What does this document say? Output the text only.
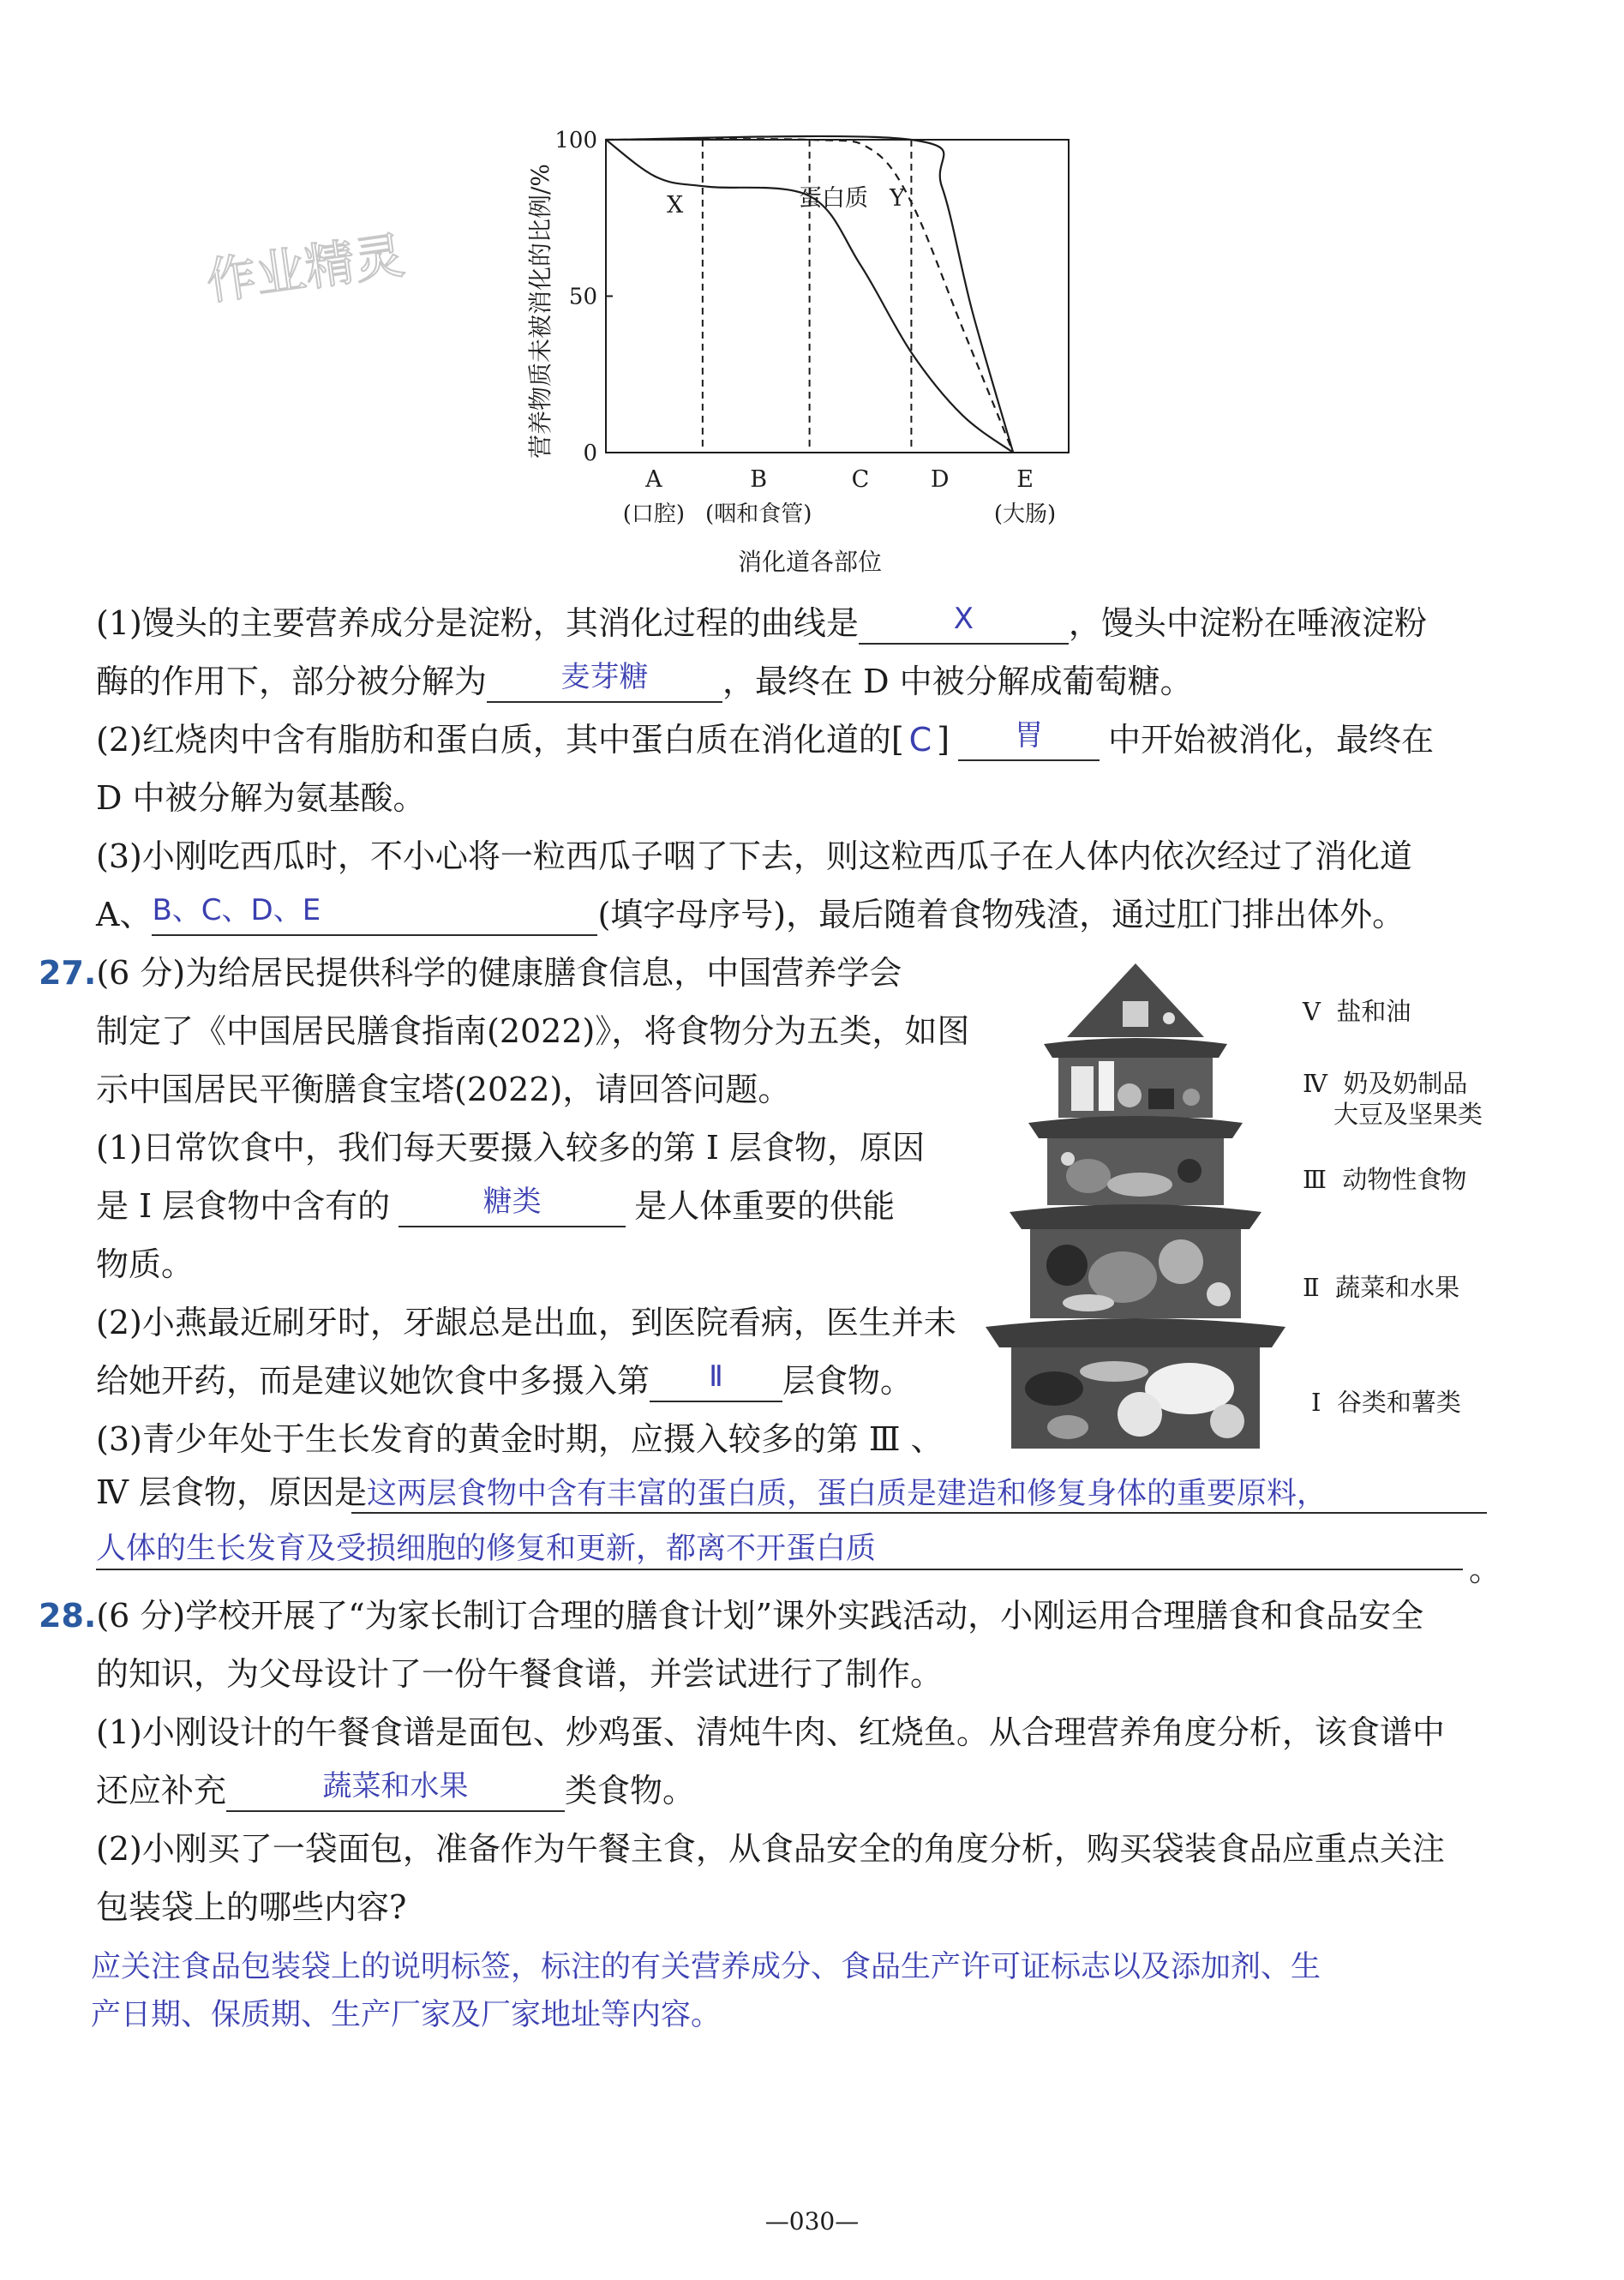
作业精灵	营养物质未被消化的比例/% 0
50
100
X	蛋白质 Y
A
(口腔)
B
(咽和食管)
C	D	E
(大肠)
消化道各部位
(1)馒头的主要营养成分是淀粉，其消化过程的曲线是	X	，馒头中淀粉在唾液淀粉
酶的作用下，部分被分解为	麦芽糖	，最终在 D 中被分解成葡萄糖。
(2)红烧肉中含有脂肪和蛋白质，其中蛋白质在消化道的[ C ]	胃	中开始被消化，最终在
D 中被分解为氨基酸。
(3)小刚吃西瓜时，不小心将一粒西瓜子咽了下去，则这粒西瓜子在人体内依次经过了消化道
A、 B、C、D、E	(填字母序号)，最后随着食物残渣，通过肛门排出体外。
27.(6 分)为给居民提供科学的健康膳食信息，中国营养学会
制定了《中国居民膳食指南(2022)》，将食物分为五类，如图
示中国居民平衡膳食宝塔(2022)，请回答问题。
(1)日常饮食中，我们每天要摄入较多的第 Ⅰ 层食物，原因
是 Ⅰ 层食物中含有的	糖类	是人体重要的供能
物质。
(2)小燕最近刷牙时，牙龈总是出血，到医院看病，医生并未
给她开药，而是建议她饮食中多摄入第	Ⅱ	层食物。
(3)青少年处于生长发育的黄金时期，应摄入较多的第 Ⅲ 、
Ⅳ 层食物，原因是这两层食物中含有丰富的蛋白质，蛋白质是建造和修复身体的重要原料，
人体的生长发育及受损细胞的修复和更新，都离不开蛋白质
。
Ⅴ 盐和油
Ⅳ 奶及奶制品
大豆及坚果类
Ⅲ 动物性食物
Ⅱ 蔬菜和水果
Ⅰ 谷类和薯类
28.(6 分)学校开展了“为家长制订合理的膳食计划”课外实践活动，小刚运用合理膳食和食品安全
的知识，为父母设计了一份午餐食谱，并尝试进行了制作。
(1)小刚设计的午餐食谱是面包、炒鸡蛋、清炖牛肉、红烧鱼。从合理营养角度分析，该食谱中
还应补充	蔬菜和水果	类食物。
(2)小刚买了一袋面包，准备作为午餐主食，从食品安全的角度分析，购买袋装食品应重点关注
包装袋上的哪些内容?
应关注食品包装袋上的说明标签，标注的有关营养成分、食品生产许可证标志以及添加剂、生
产日期、保质期、生产厂家及厂家地址等内容。
—030—
